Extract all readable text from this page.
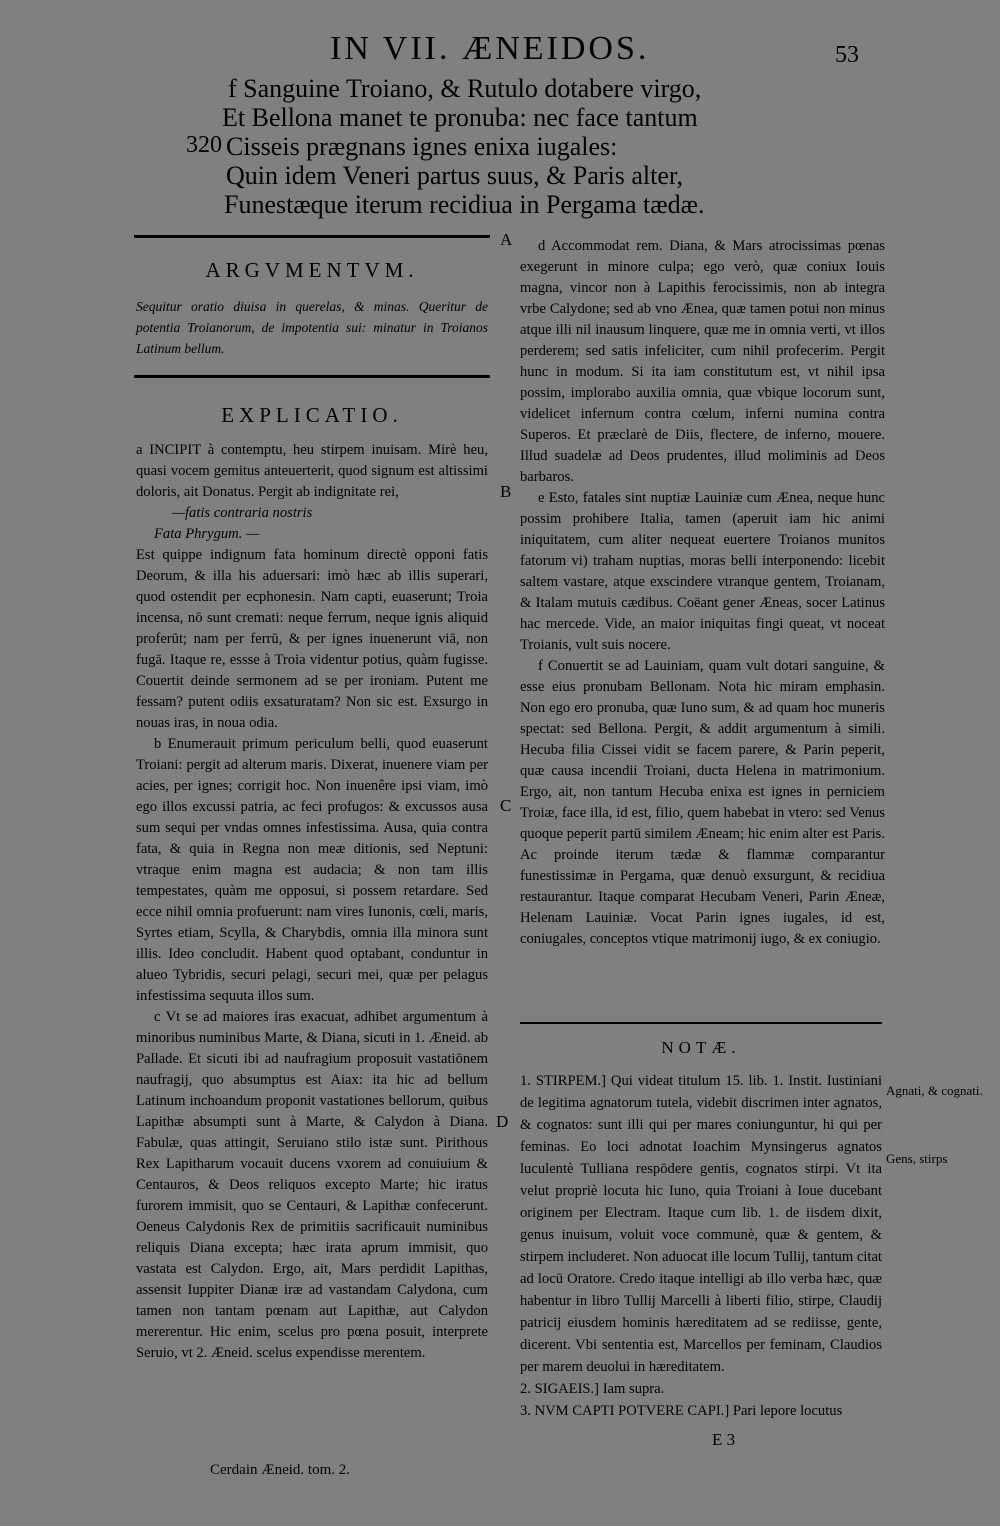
IN VII. ÆNEIDOS.	53
f Sanguine Troiano, & Rutulo dotabere virgo,
Et Bellona manet te pronuba: nec face tantum
320 Cisseis prægnans ignes enixa iugales:
Quin idem Veneri partus suus, & Paris alter,
Funestæque iterum recidiua in Pergama tædæ.
A
B
C
D
E 3
ARGVMENTVM.
Sequitur oratio diuisa in querelas, & minas. Queritur de potentia Troianorum, de impotentia sui: minatur in Troianos Latinum bellum.
EXPLICATIO.

a INCIPIT à contemptu, heu stirpem inuisam. Mirè heu, quasi vocem gemitus anteuerterit, quod signum est altissimi doloris, ait Donatus. Pergit ab indignitate rei,

—fatis contraria nostris

Fata Phrygum. —

Est quippe indignum fata hominum directè opponi fatis Deorum, & illa his aduersari: imò hæc ab illis superari, quod ostendit per ecphonesin. Nam capti, euaserunt; Troia incensa, nō sunt cremati: neque ferrum, neque ignis aliquid proferūt; nam per ferrū, & per ignes inuenerunt viā, non fugā. Itaque re, essse à Troia videntur potius, quàm fugisse. Couertit deinde sermonem ad se per ironiam. Putent me fessam? putent odiis exsaturatam? Non sic est. Exsurgo in nouas iras, in noua odia.

b Enumerauit primum periculum belli, quod euaserunt Troiani: pergit ad alterum maris. Dixerat, inuenere viam per acies, per ignes; corrigit hoc. Non inuenêre ipsi viam, imò ego illos excussi patria, ac feci profugos: & excussos ausa sum sequi per vndas omnes infestissima. Ausa, quia contra fata, & quia in Regna non meæ ditionis, sed Neptuni: vtraque enim magna est audacia; & non tam illis tempestates, quàm me opposui, si possem retardare. Sed ecce nihil omnia profuerunt: nam vires Iunonis, cœli, maris, Syrtes etiam, Scylla, & Charybdis, omnia illa minora sunt illis. Ideo concludit. Habent quod optabant, conduntur in alueo Tybridis, securi pelagi, securi mei, quæ per pelagus infestissima sequuta illos sum.

c Vt se ad maiores iras exacuat, adhibet argumentum à minoribus numinibus Marte, & Diana, sicuti in 1. Æneid. ab Pallade. Et sicuti ibi ad naufragium proposuit vastatiōnem naufragij, quo absumptus est Aiax: ita hic ad bellum Latinum inchoandum proponit vastationes bellorum, quibus Lapithæ absumpti sunt à Marte, & Calydon à Diana. Fabulæ, quas attingit, Seruiano stilo istæ sunt. Pirithous Rex Lapitharum vocauit ducens vxorem ad conuiuium & Centauros, & Deos reliquos excepto Marte; hic iratus furorem immisit, quo se Centauri, & Lapithæ confecerunt. Oeneus Calydonis Rex de primitiis sacrificauit numinibus reliquis Diana excepta; hæc irata aprum immisit, quo vastata est Calydon. Ergo, ait, Mars perdidit Lapithas, assensit Iuppiter Dianæ iræ ad vastandam Calydona, cum tamen non tantam pœnam aut Lapithæ, aut Calydon mererentur. Hic enim, scelus pro pœna posuit, interprete Seruio, vt 2. Æneid. scelus expendisse merentem.

Cerdain Æneid. tom. 2.

d Accommodat rem. Diana, & Mars atrocissimas pœnas exegerunt in minore culpa; ego verò, quæ coniux Iouis magna, vincor non à Lapithis ferocissimis, non ab integra vrbe Calydone; sed ab vno Ænea, quæ tamen potui non minus atque illi nil inausum linquere, quæ me in omnia verti, vt illos perderem; sed satis infeliciter, cum nihil profecerim. Pergit hunc in modum. Si ita iam constitutum est, vt nihil ipsa possim, implorabo auxilia omnia, quæ vbique locorum sunt, videlicet infernum contra cœlum, inferni numina contra Superos. Et præclarè de Diis, flectere, de inferno, mouere. Illud suadelæ ad Deos prudentes, illud moliminis ad Deos barbaros.

e Esto, fatales sint nuptiæ Lauiniæ cum Ænea, neque hunc possim prohibere Italia, tamen (aperuit iam hic animi iniquitatem, cum aliter nequeat euertere Troianos munitos fatorum vi) traham nuptias, moras belli interponendo: licebit saltem vastare, atque exscindere vtranque gentem, Troianam, & Italam mutuis cædibus. Coëant gener Æneas, socer Latinus hac mercede. Vide, an maior iniquitas fingi queat, vt noceat Troianis, vult suis nocere.

f Conuertit se ad Lauiniam, quam vult dotari sanguine, & esse eius pronubam Bellonam. Nota hic miram emphasin. Non ego ero pronuba, quæ Iuno sum, & ad quam hoc muneris spectat: sed Bellona. Pergit, & addit argumentum à simili. Hecuba filia Cissei vidit se facem parere, & Parin peperit, quæ causa incendii Troiani, ducta Helena in matrimonium. Ergo, ait, non tantum Hecuba enixa est ignes in perniciem Troiæ, face illa, id est, filio, quem habebat in vtero: sed Venus quoque peperit partū similem Æneam; hic enim alter est Paris. Ac proinde iterum tædæ & flammæ comparantur funestissimæ in Pergama, quæ denuò exsurgunt, & recidiua restaurantur. Itaque comparat Hecubam Veneri, Parin Æneæ, Helenam Lauiniæ. Vocat Parin ignes iugales, id est, coniugales, conceptos vtique matrimonij iugo, & ex coniugio.

NOTÆ.

1. STIRPEM.] Qui videat titulum 15. lib. 1. Instit. Iustiniani de legitima agnatorum tutela, videbit discrimen inter agnatos, & cognatos: sunt illi qui per mares coniunguntur, hi qui per feminas. Eo loci adnotat Ioachim Mynsingerus agnatos luculentè Tulliana respōdere gentis, cognatos stirpi. Vt ita velut propriè locuta hic Iuno, quia Troiani à Ioue ducebant originem per Electram. Itaque cum lib. 1. de iisdem dixit, genus inuisum, voluit voce communè, quæ & gentem, & stirpem includeret. Non aduocat ille locum Tullij, tantum citat ad locū Oratore. Credo itaque intelligi ab illo verba hæc, quæ habentur in libro Tullij Marcelli à liberti filio, stirpe, Claudij patricij eiusdem hominis hæreditatem ad se rediisse, gente, dicerent. Vbi sententia est, Marcellos per feminam, Claudios per marem deuolui in hæreditatem.

2. SIGAEIS.] Iam supra.

3. NVM CAPTI POTVERE CAPI.] Pari lepore locutus

Agnati, & cognati.
Gens, stirps
